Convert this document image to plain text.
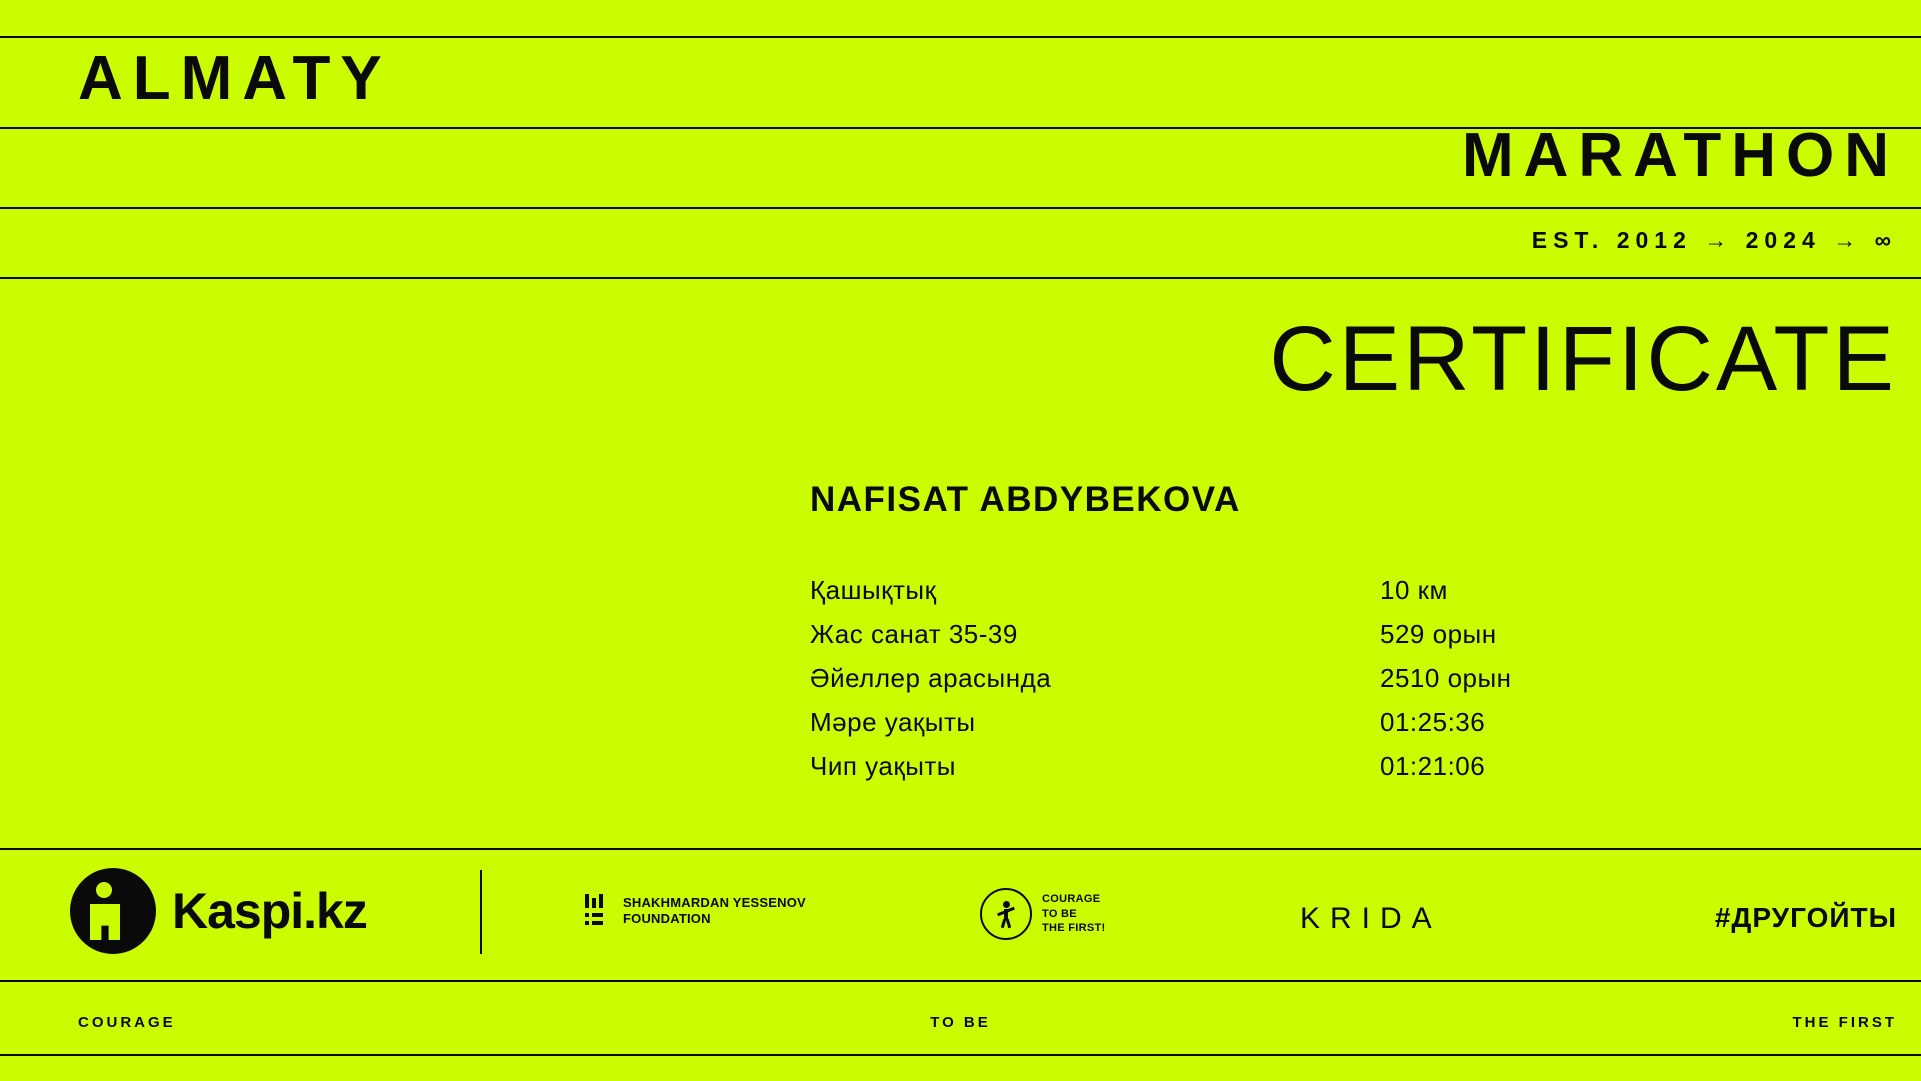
ALMATY
MARATHON
EST. 2012 → 2024 → ∞
CERTIFICATE
NAFISAT ABDYBEKOVA
Қашықтық	10 км
Жас санат 35-39	529 орын
Әйеллер арасында	2510 орын
Мәре уақыты	01:25:36
Чип уақыты	01:21:06
Kaspi.kz	SHAKHMARDAN YESSENOV
FOUNDATION
COURAGE
TO BE
THE FIRST!	KRIDA	#ДРУГОЙТЫ
COURAGE	TO BE	THE FIRST
